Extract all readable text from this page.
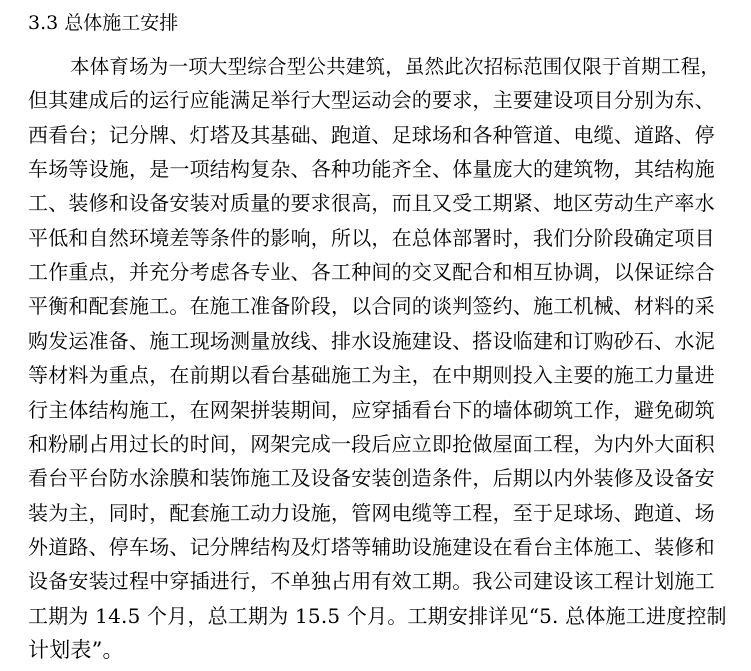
3.3 总体施工安排
本体育场为一项大型综合型公共建筑，虽然此次招标范围仅限于首期工程，
但其建成后的运行应能满足举行大型运动会的要求，主要建设项目分别为东、
西看台；记分牌、灯塔及其基础、跑道、足球场和各种管道、电缆、道路、停
车场等设施，是一项结构复杂、各种功能齐全、体量庞大的建筑物，其结构施
工、装修和设备安装对质量的要求很高，而且又受工期紧、地区劳动生产率水
平低和自然环境差等条件的影响，所以，在总体部署时，我们分阶段确定项目
工作重点，并充分考虑各专业、各工种间的交叉配合和相互协调，以保证综合
平衡和配套施工。在施工准备阶段，以合同的谈判签约、施工机械、材料的采
购发运准备、施工现场测量放线、排水设施建设、搭设临建和订购砂石、水泥
等材料为重点，在前期以看台基础施工为主，在中期则投入主要的施工力量进
行主体结构施工，在网架拼装期间，应穿插看台下的墙体砌筑工作，避免砌筑
和粉刷占用过长的时间，网架完成一段后应立即抢做屋面工程，为内外大面积
看台平台防水涂膜和装饰施工及设备安装创造条件，后期以内外装修及设备安
装为主，同时，配套施工动力设施，管网电缆等工程，至于足球场、跑道、场
外道路、停车场、记分牌结构及灯塔等辅助设施建设在看台主体施工、装修和
设备安装过程中穿插进行，不单独占用有效工期。我公司建设该工程计划施工
工期为 14.5 个月，总工期为 15.5 个月。工期安排详见“5. 总体施工进度控制
计划表”。
